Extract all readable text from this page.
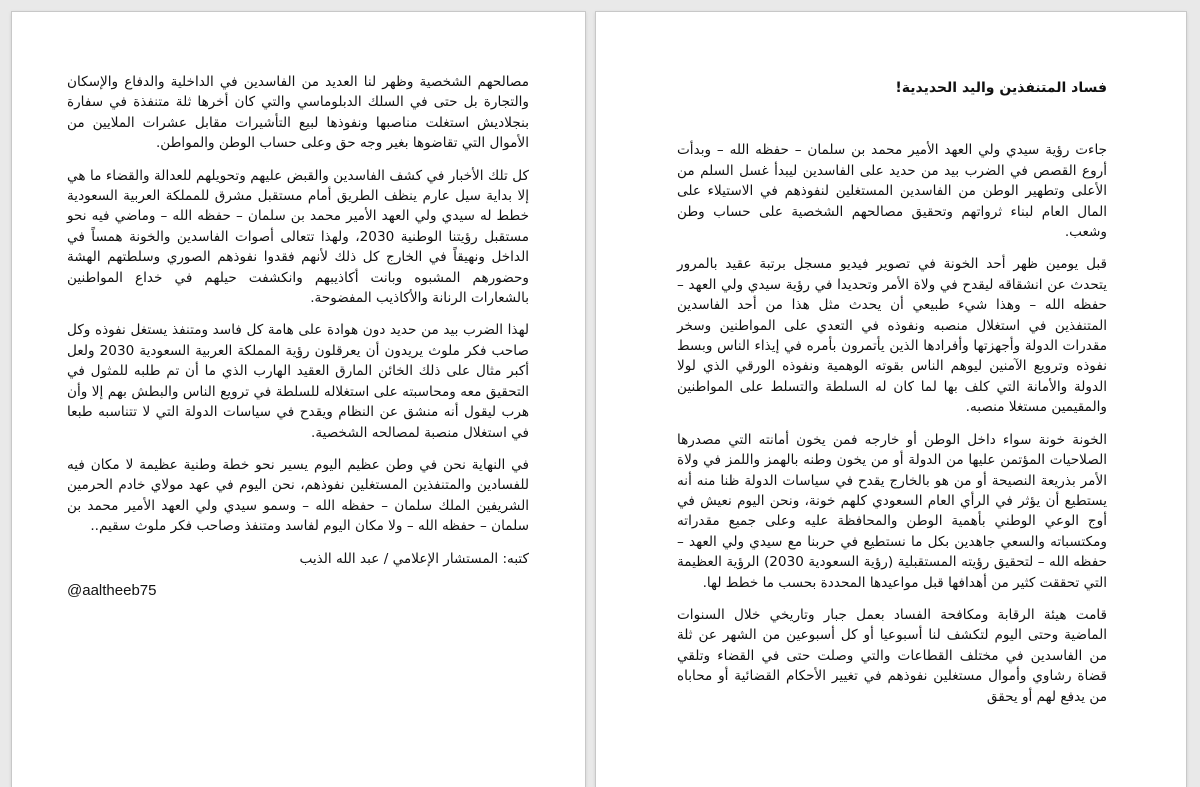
مصالحهم الشخصية وظهر لنا العديد من الفاسدين في الداخلية والدفاع والإسكان والتجارة بل حتى في السلك الدبلوماسي والتي كان أخرها ثلة متنفذة في سفارة بنجلاديش استغلت مناصبها ونفوذها لبيع التأشيرات مقابل عشرات الملايين من الأموال التي تقاضوها بغير وجه حق وعلى حساب الوطن والمواطن.

كل تلك الأخبار في كشف الفاسدين والقبض عليهم وتحويلهم للعدالة والقضاء ما هي إلا بداية سيل عارم ينظف الطريق أمام مستقبل مشرق للمملكة العربية السعودية خطط له سيدي ولي العهد الأمير محمد بن سلمان – حفظه الله – وماضي فيه نحو مستقبل رؤيتنا الوطنية 2030، ولهذا تتعالى أصوات الفاسدين والخونة همساً في الداخل ونهيقاً في الخارج كل ذلك لأنهم فقدوا نفوذهم الصوري وسلطتهم الهشة وحضورهم المشبوه وبانت أكاذيبهم وانكشفت حيلهم في خداع المواطنين بالشعارات الرنانة والأكاذيب المفضوحة.

لهذا الضرب بيد من حديد دون هوادة على هامة كل فاسد ومتنفذ يستغل نفوذه وكل صاحب فكر ملوث يريدون أن يعرقلون رؤية المملكة العربية السعودية 2030 ولعل أكبر مثال على ذلك الخائن المارق العقيد الهارب الذي ما أن تم طلبه للمثول في التحقيق معه ومحاسبته على استغلاله للسلطة في ترويع الناس والبطش بهم إلا وأن هرب ليقول أنه منشق عن النظام ويقدح في سياسات الدولة التي لا تتناسبه طبعا في استغلال منصبة لمصالحه الشخصية.

في النهاية نحن في وطن عظيم اليوم يسير نحو خطة وطنية عظيمة لا مكان فيه للفسادين والمتنفذين المستغلين نفوذهم، نحن اليوم في عهد مولاي خادم الحرمين الشريفين الملك سلمان – حفظه الله – وسمو سيدي ولي العهد الأمير محمد بن سلمان – حفظه الله – ولا مكان اليوم لفاسد ومتنفذ وصاحب فكر ملوث سقيم..

كتبه: المستشار الإعلامي / عبد الله الذيب

@aaltheeb75
فساد المتنفذين واليد الحديدية!

جاءت رؤية سيدي ولي العهد الأمير محمد بن سلمان – حفظه الله – وبدأت أروع القصص في الضرب بيد من حديد على الفاسدين ليبدأ غسل السلم من الأعلى وتطهير الوطن من الفاسدين المستغلين لنفوذهم في الاستيلاء على المال العام لبناء ثرواتهم وتحقيق مصالحهم الشخصية على حساب وطن وشعب.

قبل يومين ظهر أحد الخونة في تصوير فيديو مسجل برتبة عقيد بالمرور يتحدث عن انشقاقه ليقدح في ولاة الأمر وتحديدا في رؤية سيدي ولي العهد – حفظه الله – وهذا شيء طبيعي أن يحدث مثل هذا من أحد الفاسدين المتنفذين في استغلال منصبه ونفوذه في التعدي على المواطنين وسخر مقدرات الدولة وأجهزتها وأفرادها الذين يأتمرون بأمره في إيذاء الناس وبسط نفوذه وترويع الآمنين ليوهم الناس بقوته الوهمية ونفوذه الورقي الذي لولا الدولة والأمانة التي كلف بها لما كان له السلطة والتسلط على المواطنين والمقيمين مستغلا منصبه.

الخونة خونة سواء داخل الوطن أو خارجه فمن يخون أمانته التي مصدرها الصلاحيات المؤتمن عليها من الدولة أو من يخون وطنه بالهمز واللمز في ولاة الأمر بذريعة النصيحة أو من هو بالخارج يقدح في سياسات الدولة ظنا منه أنه يستطيع أن يؤثر في الرأي العام السعودي كلهم خونة، ونحن اليوم نعيش في أوج الوعي الوطني بأهمية الوطن والمحافظة عليه وعلى جميع مقدراته ومكتسباته والسعي جاهدين بكل ما نستطيع في حربنا مع سيدي ولي العهد – حفظه الله – لتحقيق رؤيته المستقبلية (رؤية السعودية 2030) الرؤية العظيمة التي تحققت كثير من أهدافها قبل مواعيدها المحددة بحسب ما خطط لها.

قامت هيئة الرقابة ومكافحة الفساد بعمل جبار وتاريخي خلال السنوات الماضية وحتى اليوم لتكشف لنا أسبوعيا أو كل أسبوعين من الشهر عن ثلة من الفاسدين في مختلف القطاعات والتي وصلت حتى في القضاء وتلقي قضاة رشاوي وأموال مستغلين نفوذهم في تغيير الأحكام القضائية أو محاباه من يدفع لهم أو يحقق
